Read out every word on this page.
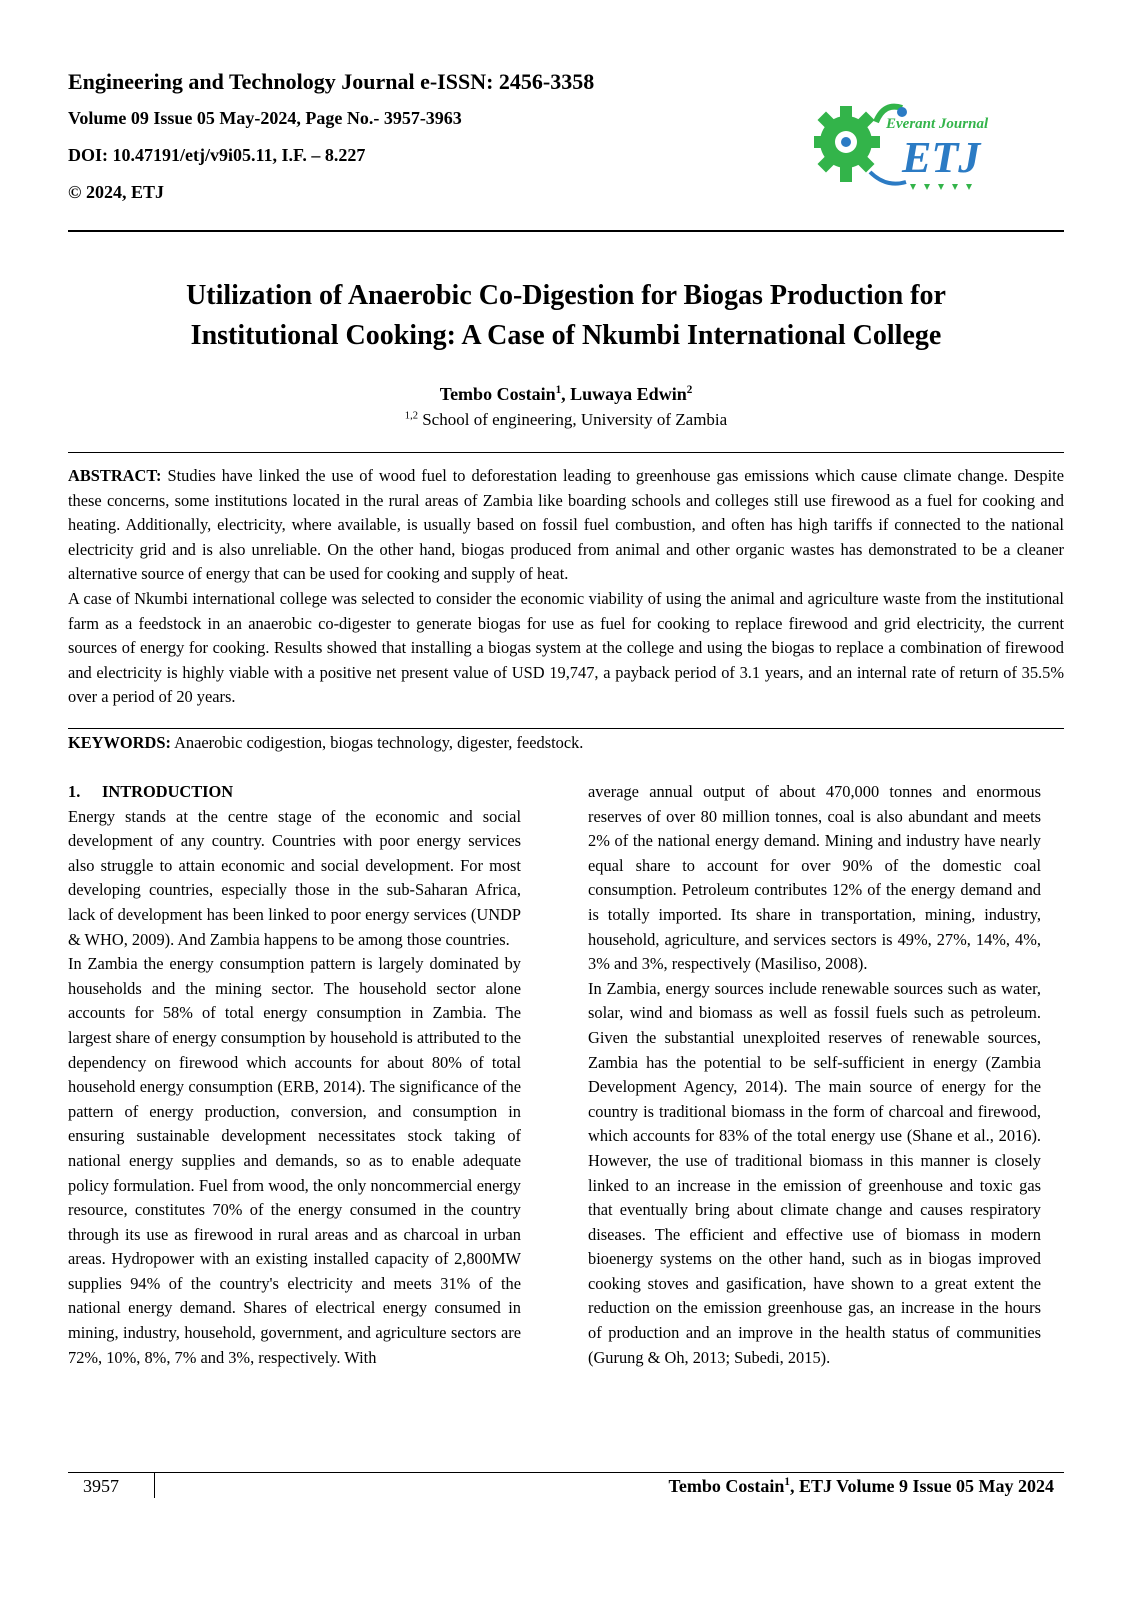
Engineering and Technology Journal e-ISSN: 2456-3358
Volume 09 Issue 05 May-2024, Page No.- 3957-3963
DOI: 10.47191/etj/v9i05.11, I.F. – 8.227
© 2024, ETJ
Everant Journal
ETJ
Utilization of Anaerobic Co-Digestion for Biogas Production for
Institutional Cooking: A Case of Nkumbi International College
Tembo Costain$^1$, Luwaya Edwin$^2$
$^{1,2}$ School of engineering, University of Zambia

ABSTRACT: Studies have linked the use of wood fuel to deforestation leading to greenhouse gas emissions which cause climate change. Despite these concerns, some institutions located in the rural areas of Zambia like boarding schools and colleges still use firewood as a fuel for cooking and heating. Additionally, electricity, where available, is usually based on fossil fuel combustion, and often has high tariffs if connected to the national electricity grid and is also unreliable. On the other hand, biogas produced from animal and other organic wastes has demonstrated to be a cleaner alternative source of energy that can be used for cooking and supply of heat.

A case of Nkumbi international college was selected to consider the economic viability of using the animal and agriculture waste from the institutional farm as a feedstock in an anaerobic co-digester to generate biogas for use as fuel for cooking to replace firewood and grid electricity, the current sources of energy for cooking. Results showed that installing a biogas system at the college and using the biogas to replace a combination of firewood and electricity is highly viable with a positive net present value of USD 19,747, a payback period of 3.1 years, and an internal rate of return of 35.5% over a period of 20 years.

KEYWORDS: Anaerobic codigestion, biogas technology, digester, feedstock.

1. INTRODUCTION

Energy stands at the centre stage of the economic and social development of any country. Countries with poor energy services also struggle to attain economic and social development. For most developing countries, especially those in the sub-Saharan Africa, lack of development has been linked to poor energy services (UNDP & WHO, 2009). And Zambia happens to be among those countries.

In Zambia the energy consumption pattern is largely dominated by households and the mining sector. The household sector alone accounts for 58% of total energy consumption in Zambia. The largest share of energy consumption by household is attributed to the dependency on firewood which accounts for about 80% of total household energy consumption (ERB, 2014). The significance of the pattern of energy production, conversion, and consumption in ensuring sustainable development necessitates stock taking of national energy supplies and demands, so as to enable adequate policy formulation. Fuel from wood, the only noncommercial energy resource, constitutes 70% of the energy consumed in the country through its use as firewood in rural areas and as charcoal in urban areas. Hydropower with an existing installed capacity of 2,800MW supplies 94% of the country's electricity and meets 31% of the national energy demand. Shares of electrical energy consumed in mining, industry, household, government, and agriculture sectors are 72%, 10%, 8%, 7% and 3%, respectively. With

average annual output of about 470,000 tonnes and enormous reserves of over 80 million tonnes, coal is also abundant and meets 2% of the national energy demand. Mining and industry have nearly equal share to account for over 90% of the domestic coal consumption. Petroleum contributes 12% of the energy demand and is totally imported. Its share in transportation, mining, industry, household, agriculture, and services sectors is 49%, 27%, 14%, 4%, 3% and 3%, respectively (Masiliso, 2008).

In Zambia, energy sources include renewable sources such as water, solar, wind and biomass as well as fossil fuels such as petroleum. Given the substantial unexploited reserves of renewable sources, Zambia has the potential to be self-sufficient in energy (Zambia Development Agency, 2014). The main source of energy for the country is traditional biomass in the form of charcoal and firewood, which accounts for 83% of the total energy use (Shane et al., 2016). However, the use of traditional biomass in this manner is closely linked to an increase in the emission of greenhouse and toxic gas that eventually bring about climate change and causes respiratory diseases. The efficient and effective use of biomass in modern bioenergy systems on the other hand, such as in biogas improved cooking stoves and gasification, have shown to a great extent the reduction on the emission greenhouse gas, an increase in the hours of production and an improve in the health status of communities (Gurung & Oh, 2013; Subedi, 2015).

3957	Tembo Costain$^1$, ETJ Volume 9 Issue 05 May 2024
